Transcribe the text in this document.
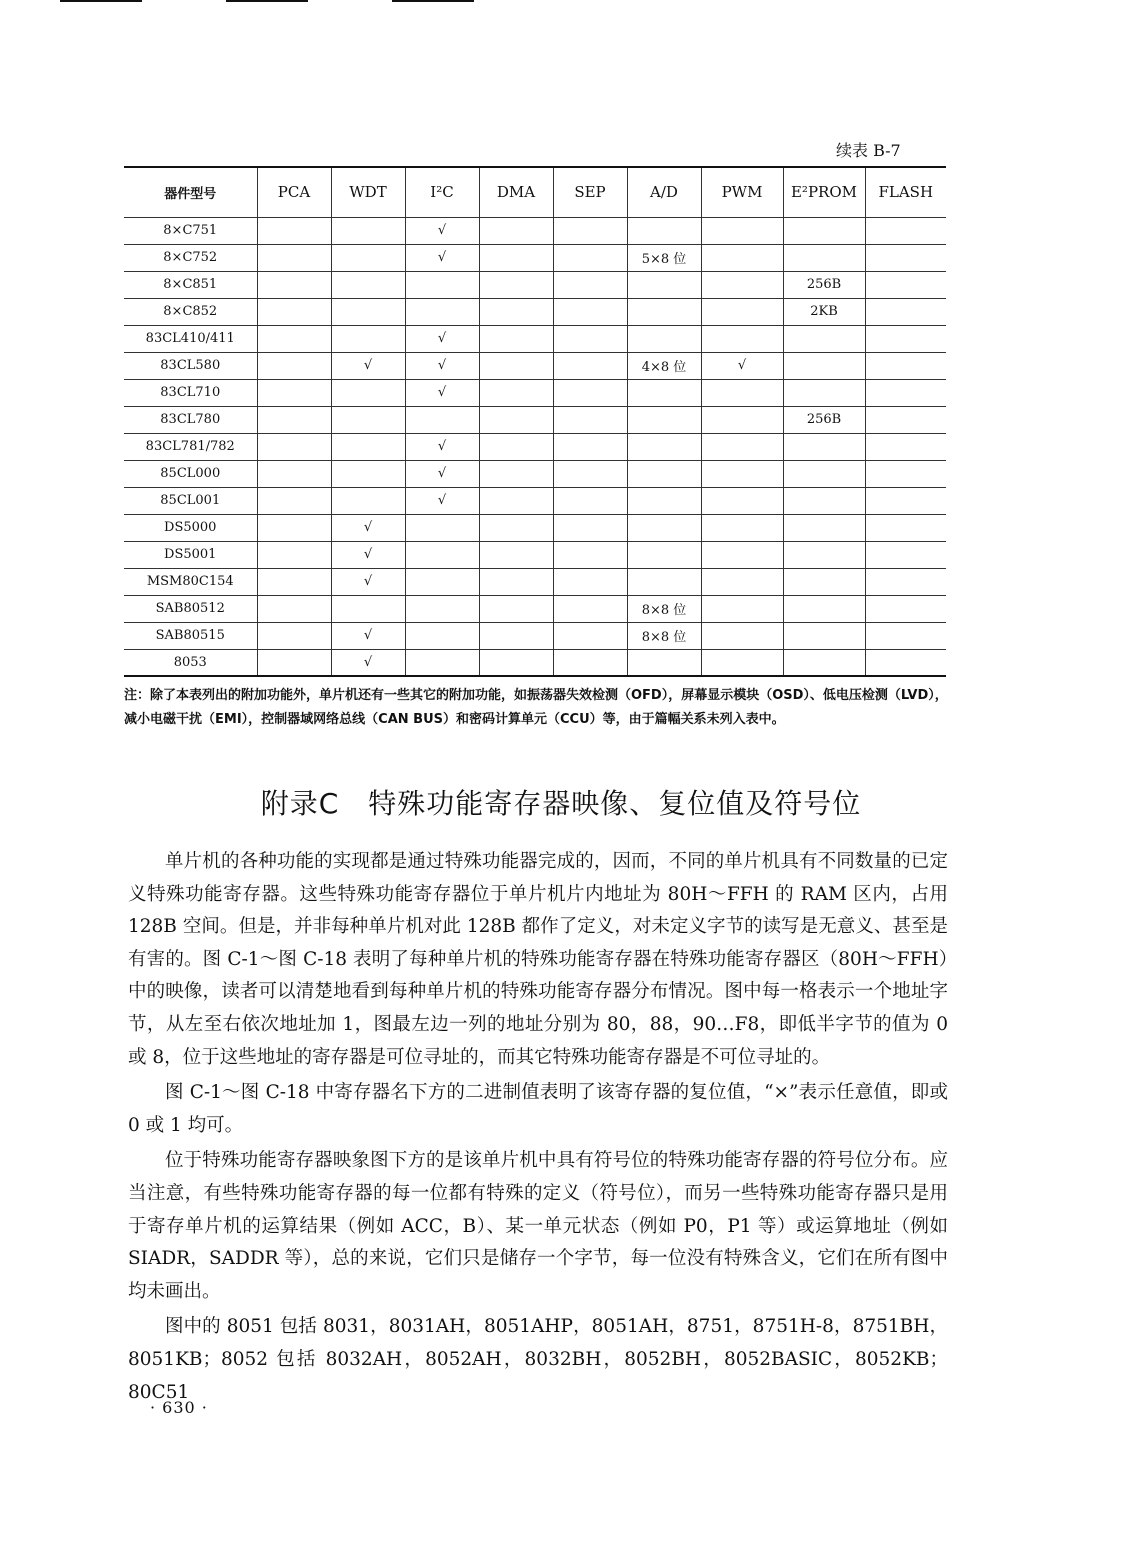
续表 B-7
器件型号	PCA	WDT	I²C	DMA	SEP	A/D	PWM	E²PROM	FLASH
8×C751			√						
8×C752			√			5×8 位			
8×C851								256B	
8×C852								2KB	
83CL410/411			√						
83CL580		√	√			4×8 位	√		
83CL710			√						
83CL780								256B	
83CL781/782			√						
85CL000			√						
85CL001			√						
DS5000		√							
DS5001		√							
MSM80C154		√							
SAB80512						8×8 位			
SAB80515		√				8×8 位			
8053		√							
注：除了本表列出的附加功能外，单片机还有一些其它的附加功能，如振荡器失效检测（OFD），屏幕显示模块（OSD）、低电压检测（LVD），减小电磁干扰（EMI），控制器域网络总线（CAN BUS）和密码计算单元（CCU）等，由于篇幅关系未列入表中。
附录C　特殊功能寄存器映像、复位值及符号位

单片机的各种功能的实现都是通过特殊功能器完成的，因而，不同的单片机具有不同数量的已定义特殊功能寄存器。这些特殊功能寄存器位于单片机片内地址为 80H～FFH 的 RAM 区内，占用 128B 空间。但是，并非每种单片机对此 128B 都作了定义，对未定义字节的读写是无意义、甚至是有害的。图 C-1～图 C-18 表明了每种单片机的特殊功能寄存器在特殊功能寄存器区（80H～FFH）中的映像，读者可以清楚地看到每种单片机的特殊功能寄存器分布情况。图中每一格表示一个地址字节，从左至右依次地址加 1，图最左边一列的地址分别为 80，88，90…F8，即低半字节的值为 0 或 8，位于这些地址的寄存器是可位寻址的，而其它特殊功能寄存器是不可位寻址的。

图 C-1～图 C-18 中寄存器名下方的二进制值表明了该寄存器的复位值，“×”表示任意值，即或 0 或 1 均可。

位于特殊功能寄存器映象图下方的是该单片机中具有符号位的特殊功能寄存器的符号位分布。应当注意，有些特殊功能寄存器的每一位都有特殊的定义（符号位），而另一些特殊功能寄存器只是用于寄存单片机的运算结果（例如 ACC，B）、某一单元状态（例如 P0，P1 等）或运算地址（例如 SIADR，SADDR 等），总的来说，它们只是储存一个字节，每一位没有特殊含义，它们在所有图中均未画出。

图中的 8051 包括 8031，8031AH，8051AHP，8051AH，8751，8751H-8，8751BH，8051KB；8052 包括 8032AH，8052AH，8032BH，8052BH，8052BASIC，8052KB；80C51

· 630 ·
